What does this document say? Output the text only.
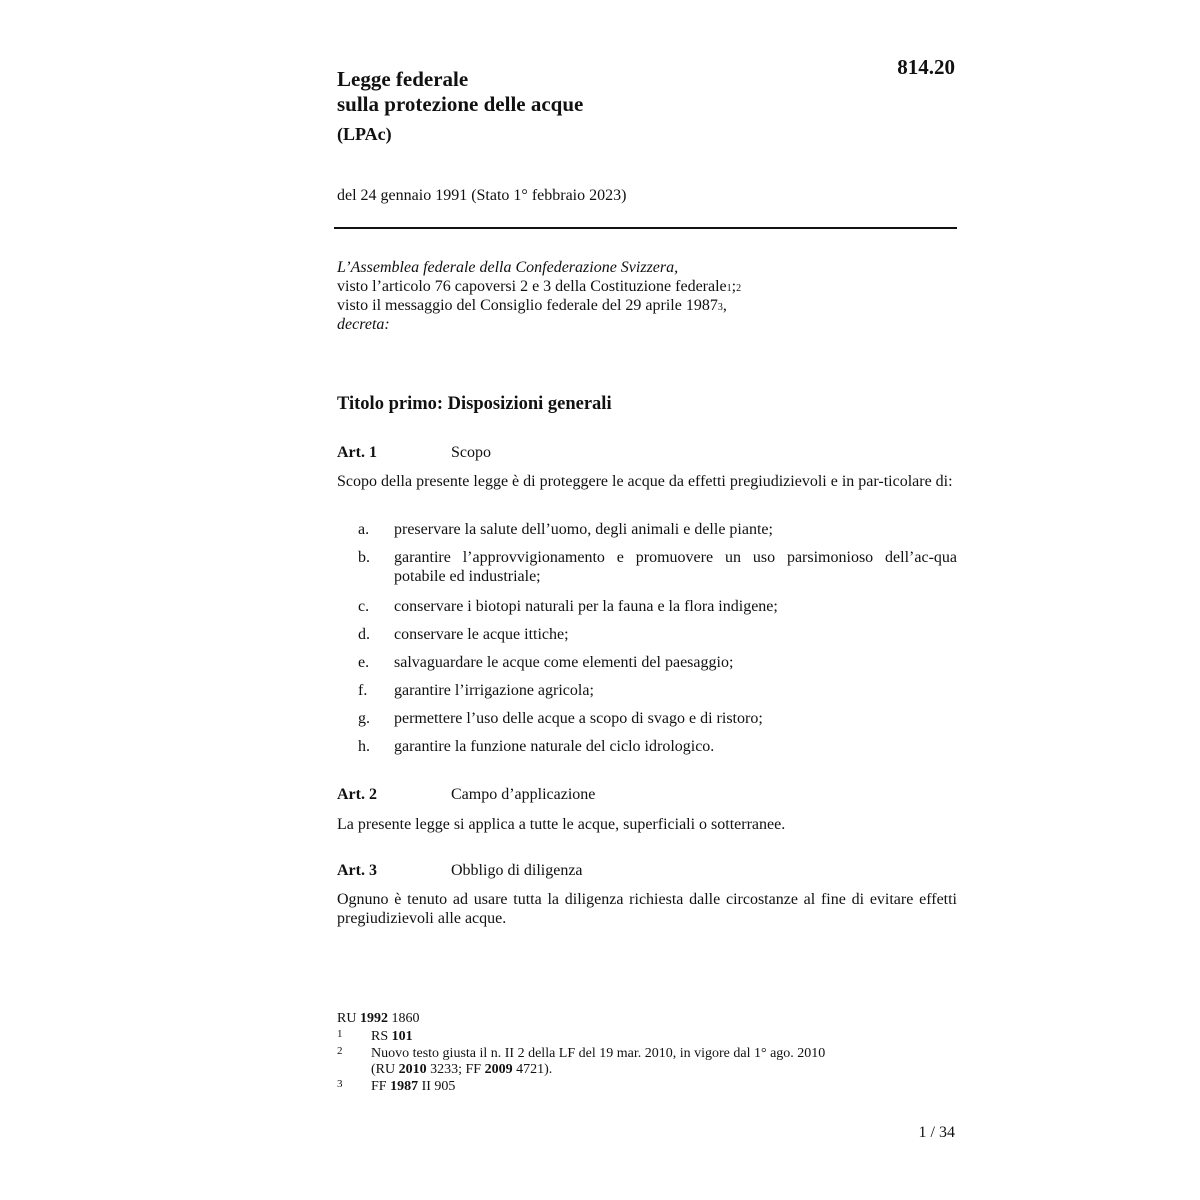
814.20
Legge federale
sulla protezione delle acque
(LPAc)
del 24 gennaio 1991 (Stato 1° febbraio 2023)
L’Assemblea federale della Confederazione Svizzera,
visto l’articolo 76 capoversi 2 e 3 della Costituzione federale$^1$;$^2$
visto il messaggio del Consiglio federale del 29 aprile 1987$^3$,
decreta:
Titolo primo: Disposizioni generali
Art. 1	Scopo
Scopo della presente legge è di proteggere le acque da effetti pregiudizievoli e in par-ticolare di:
a. preservare la salute dell’uomo, degli animali e delle piante;
b. garantire l’approvvigionamento e promuovere un uso parsimonioso dell’ac-qua potabile ed industriale;
c. conservare i biotopi naturali per la fauna e la flora indigene;
d. conservare le acque ittiche;
e. salvaguardare le acque come elementi del paesaggio;
f. garantire l’irrigazione agricola;
g. permettere l’uso delle acque a scopo di svago e di ristoro;
h. garantire la funzione naturale del ciclo idrologico.
Art. 2	Campo d’applicazione
La presente legge si applica a tutte le acque, superficiali o sotterranee.
Art. 3	Obbligo di diligenza
Ognuno è tenuto ad usare tutta la diligenza richiesta dalle circostanze al fine di evitare effetti pregiudizievoli alle acque.
RU 1992 1860
1 RS 101
2 Nuovo testo giusta il n. II 2 della LF del 19 mar. 2010, in vigore dal 1° ago. 2010
(RU 2010 3233; FF 2009 4721).
3 FF 1987 II 905
1 / 34
